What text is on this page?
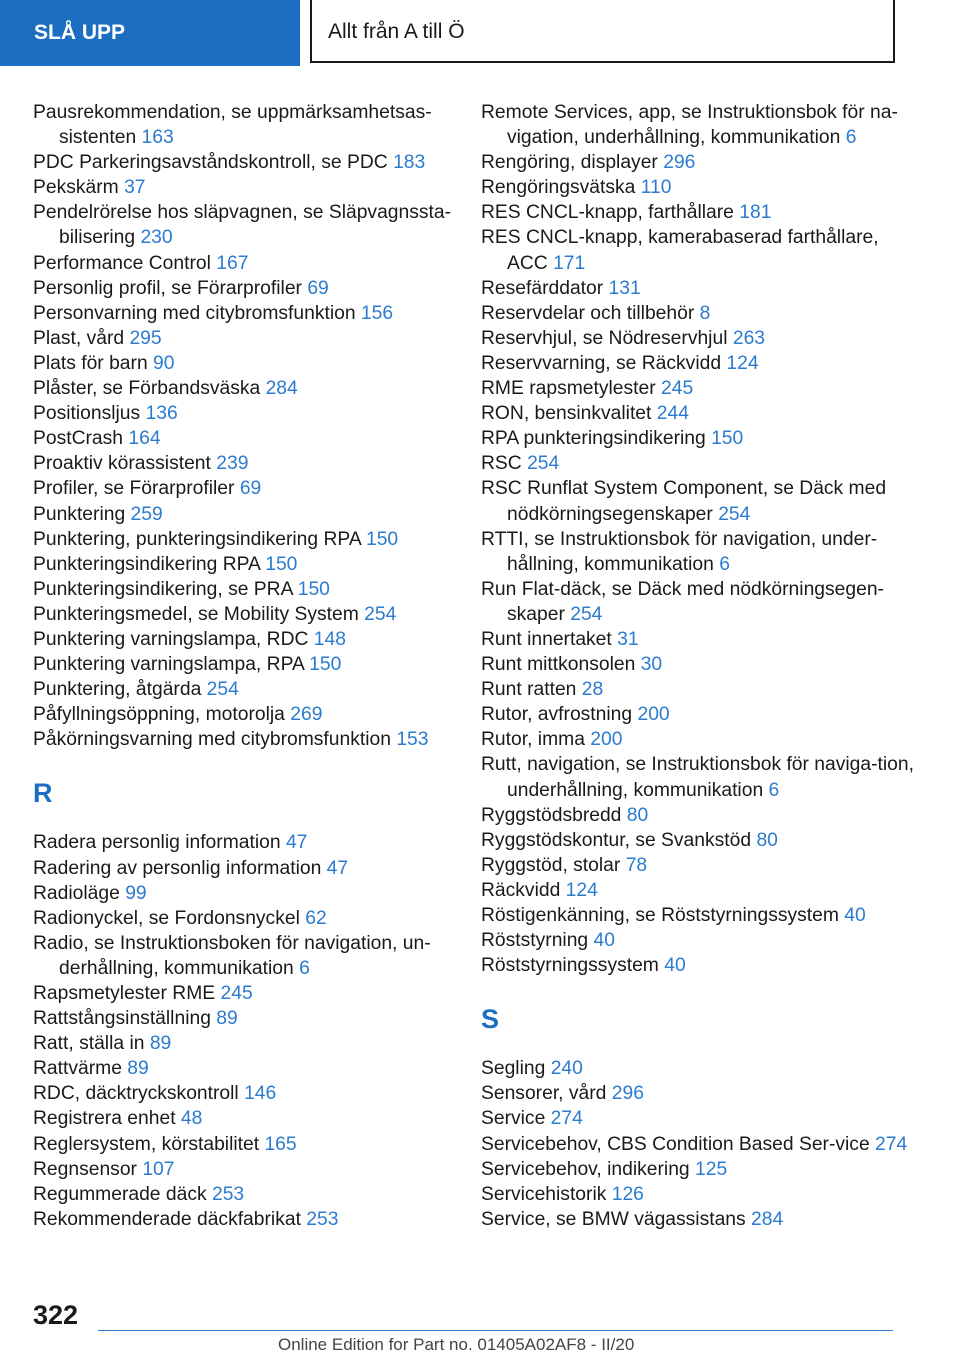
SLÅ UPP	Allt från A till Ö
Pausrekommendation, se uppmärksamhetsas-sistenten 163
PDC Parkeringsavståndskontroll, se PDC 183
Pekskärm 37
Pendelrörelse hos släpvagnen, se Släpvagnssta-bilisering 230
Performance Control 167
Personlig profil, se Förarprofiler 69
Personvarning med citybromsfunktion 156
Plast, vård 295
Plats för barn 90
Plåster, se Förbandsväska 284
Positionsljus 136
PostCrash 164
Proaktiv körassistent 239
Profiler, se Förarprofiler 69
Punktering 259
Punktering, punkteringsindikering RPA 150
Punkteringsindikering RPA 150
Punkteringsindikering, se PRA 150
Punkteringsmedel, se Mobility System 254
Punktering varningslampa, RDC 148
Punktering varningslampa, RPA 150
Punktering, åtgärda 254
Påfyllningsöppning, motorolja 269
Påkörningsvarning med citybromsfunktion 153
R
Radera personlig information 47
Radering av personlig information 47
Radioläge 99
Radionyckel, se Fordonsnyckel 62
Radio, se Instruktionsboken för navigation, un-derhållning, kommunikation 6
Rapsmetylester RME 245
Rattstångsinställning 89
Ratt, ställa in 89
Rattvärme 89
RDC, däcktryckskontroll 146
Registrera enhet 48
Reglersystem, körstabilitet 165
Regnsensor 107
Regummerade däck 253
Rekommenderade däckfabrikat 253
Remote Services, app, se Instruktionsbok för na-vigation, underhållning, kommunikation 6
Rengöring, displayer 296
Rengöringsvätska 110
RES CNCL-knapp, farthållare 181
RES CNCL-knapp, kamerabaserad farthållare, ACC 171
Resefärddator 131
Reservdelar och tillbehör 8
Reservhjul, se Nödreservhjul 263
Reservvarning, se Räckvidd 124
RME rapsmetylester 245
RON, bensinkvalitet 244
RPA punkteringsindikering 150
RSC 254
RSC Runflat System Component, se Däck med nödkörningsegenskaper 254
RTTI, se Instruktionsbok för navigation, under-hållning, kommunikation 6
Run Flat-däck, se Däck med nödkörningsegen-skaper 254
Runt innertaket 31
Runt mittkonsolen 30
Runt ratten 28
Rutor, avfrostning 200
Rutor, imma 200
Rutt, navigation, se Instruktionsbok för naviga-tion, underhållning, kommunikation 6
Ryggstödsbredd 80
Ryggstödskontur, se Svankstöd 80
Ryggstöd, stolar 78
Räckvidd 124
Röstigenkänning, se Röststyrningssystem 40
Röststyrning 40
Röststyrningssystem 40
S
Segling 240
Sensorer, vård 296
Service 274
Servicebehov, CBS Condition Based Ser-vice 274
Servicebehov, indikering 125
Servicehistorik 126
Service, se BMW vägassistans 284
322
Online Edition for Part no. 01405A02AF8 - II/20
